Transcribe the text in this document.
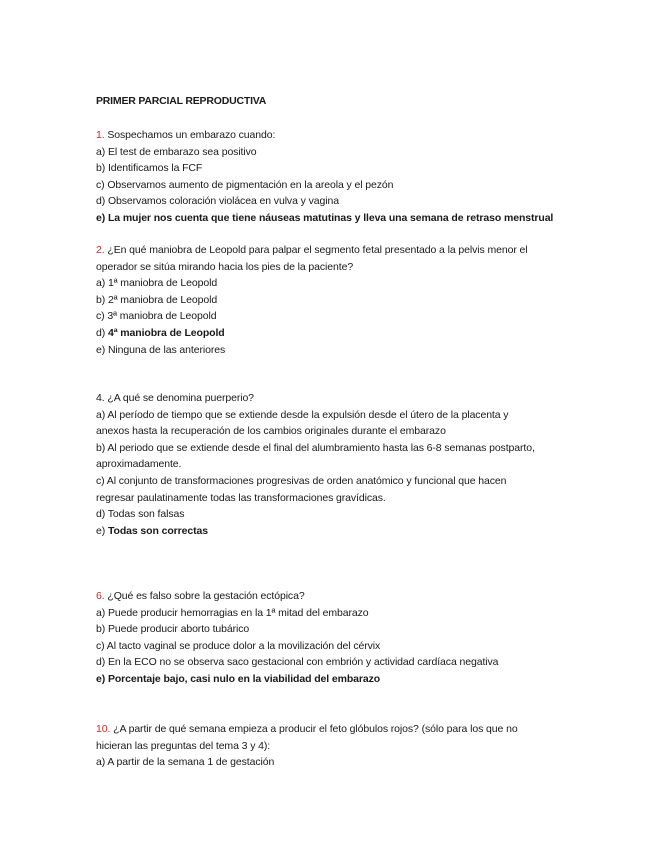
PRIMER PARCIAL REPRODUCTIVA
1. Sospechamos un embarazo cuando:
a) El test de embarazo sea positivo
b) Identificamos la FCF
c) Observamos aumento de pigmentación en la areola y el pezón
d) Observamos coloración violácea en vulva y vagina
e) La mujer nos cuenta que tiene náuseas matutinas y lleva una semana de retraso menstrual
2. ¿En qué maniobra de Leopold para palpar el segmento fetal presentado a la pelvis menor el
operador se sitúa mirando hacia los pies de la paciente?
a) 1ª maniobra de Leopold
b) 2ª maniobra de Leopold
c) 3ª maniobra de Leopold
d) 4ª maniobra de Leopold
e) Ninguna de las anteriores
4. ¿A qué se denomina puerperio?
a) Al período de tiempo que se extiende desde la expulsión desde el útero de la placenta y
anexos hasta la recuperación de los cambios originales durante el embarazo
b) Al periodo que se extiende desde el final del alumbramiento hasta las 6-8 semanas postparto,
aproximadamente.
c) Al conjunto de transformaciones progresivas de orden anatómico y funcional que hacen
regresar paulatinamente todas las transformaciones gravídicas.
d) Todas son falsas
e) Todas son correctas
6. ¿Qué es falso sobre la gestación ectópica?
a) Puede producir hemorragias en la 1ª mitad del embarazo
b) Puede producir aborto tubárico
c) Al tacto vaginal se produce dolor a la movilización del cérvix
d) En la ECO no se observa saco gestacional con embrión y actividad cardíaca negativa
e) Porcentaje bajo, casi nulo en la viabilidad del embarazo
10. ¿A partir de qué semana empieza a producir el feto glóbulos rojos? (sólo para los que no
hicieran las preguntas del tema 3 y 4):
a) A partir de la semana 1 de gestación
